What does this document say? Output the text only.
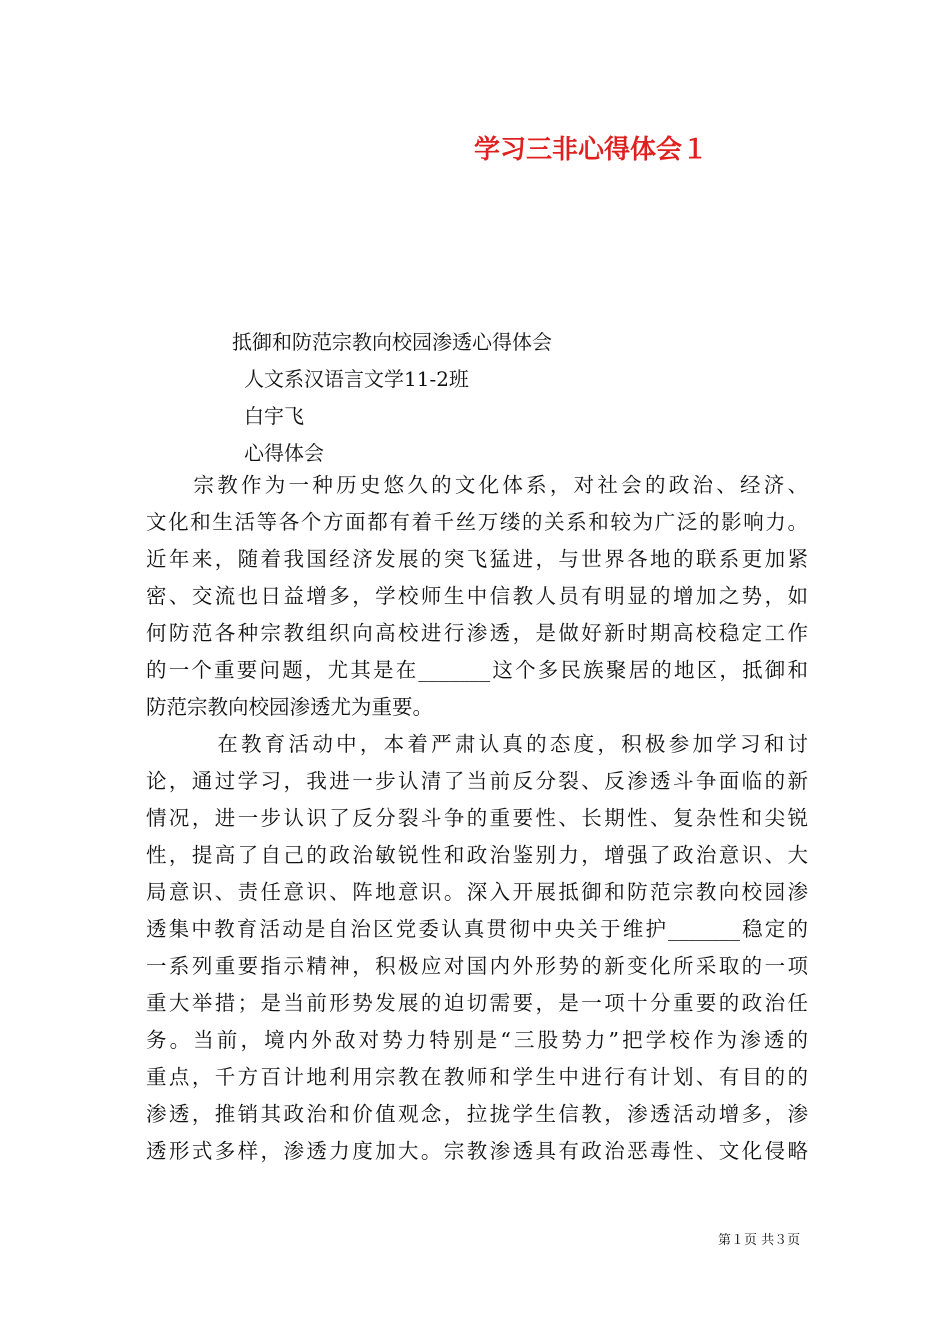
学习三非心得体会１
抵御和防范宗教向校园渗透心得体会
人文系汉语言文学11-2班
白宇飞
心得体会
　　宗教作为一种历史悠久的文化体系，对社会的政治、经济、
文化和生活等各个方面都有着千丝万缕的关系和较为广泛的影响力。
近年来，随着我国经济发展的突飞猛进，与世界各地的联系更加紧
密、交流也日益增多，学校师生中信教人员有明显的增加之势，如
何防范各种宗教组织向高校进行渗透，是做好新时期高校稳定工作
的一个重要问题，尤其是在_______这个多民族聚居的地区，抵御和
防范宗教向校园渗透尤为重要。
　　　在教育活动中，本着严肃认真的态度，积极参加学习和讨
论，通过学习，我进一步认清了当前反分裂、反渗透斗争面临的新
情况，进一步认识了反分裂斗争的重要性、长期性、复杂性和尖锐
性，提高了自己的政治敏锐性和政治鉴别力，增强了政治意识、大
局意识、责任意识、阵地意识。深入开展抵御和防范宗教向校园渗
透集中教育活动是自治区党委认真贯彻中央关于维护_______稳定的
一系列重要指示精神，积极应对国内外形势的新变化所采取的一项
重大举措；是当前形势发展的迫切需要，是一项十分重要的政治任
务。当前，境内外敌对势力特别是“三股势力”把学校作为渗透的
重点，千方百计地利用宗教在教师和学生中进行有计划、有目的的
渗透，推销其政治和价值观念，拉拢学生信教，渗透活动增多，渗
透形式多样，渗透力度加大。宗教渗透具有政治恶毒性、文化侵略
第１页 共３页
